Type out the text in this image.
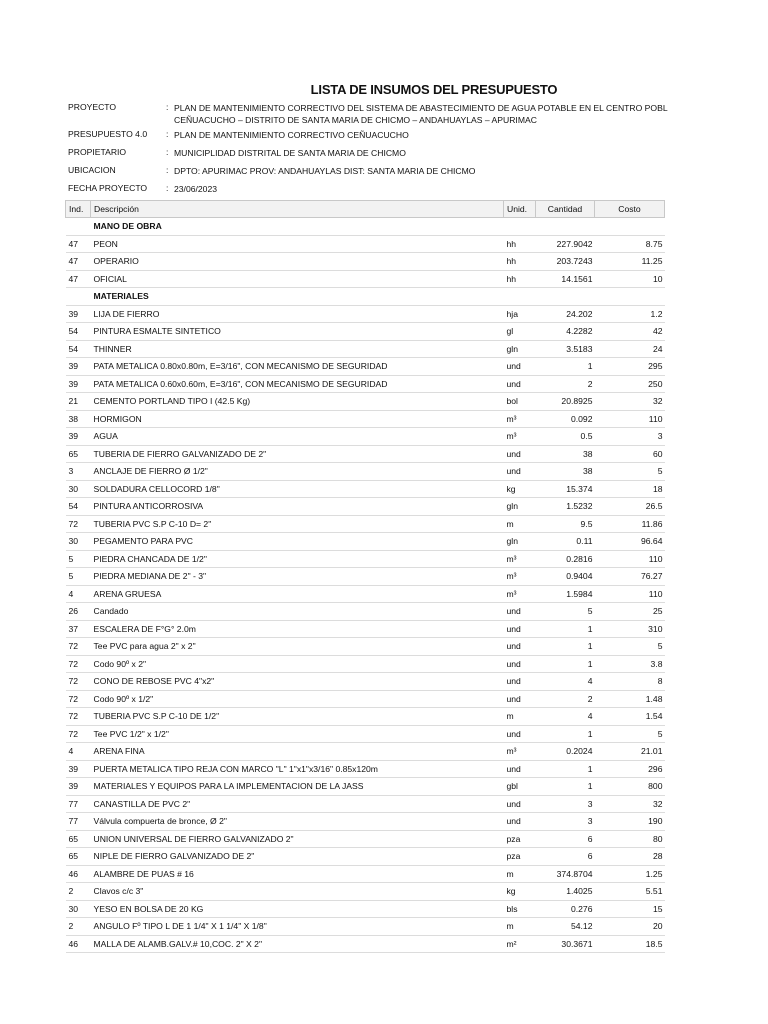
LISTA DE INSUMOS DEL PRESUPUESTO
PROYECTO	: PLAN DE MANTENIMIENTO CORRECTIVO DEL SISTEMA DE ABASTECIMIENTO DE AGUA POTABLE EN EL CENTRO POBL
CEÑUACUCHO – DISTRITO DE SANTA MARIA DE CHICMO – ANDAHUAYLAS – APURIMAC
PRESUPUESTO 4.0	: PLAN DE MANTENIMIENTO CORRECTIVO CEÑUACUCHO
PROPIETARIO	: MUNICIPLIDAD DISTRITAL DE SANTA MARIA DE CHICMO
UBICACION	: DPTO: APURIMAC PROV: ANDAHUAYLAS DIST: SANTA MARIA DE CHICMO
FECHA PROYECTO	: 23/06/2023
Ind.	Descripción	Unid.	Cantidad	Costo
	MANO DE OBRA			
47	PEON	hh	227.9042	8.75
47	OPERARIO	hh	203.7243	11.25
47	OFICIAL	hh	14.1561	10
	MATERIALES			
39	LIJA DE FIERRO	hja	24.202	1.2
54	PINTURA ESMALTE SINTETICO	gl	4.2282	42
54	THINNER	gln	3.5183	24
39	PATA METALICA 0.80x0.80m, E=3/16", CON MECANISMO DE SEGURIDAD	und	1	295
39	PATA METALICA 0.60x0.60m, E=3/16", CON MECANISMO DE SEGURIDAD	und	2	250
21	CEMENTO PORTLAND TIPO I (42.5 Kg)	bol	20.8925	32
38	HORMIGON	m³	0.092	110
39	AGUA	m³	0.5	3
65	TUBERIA DE FIERRO GALVANIZADO DE 2"	und	38	60
3	ANCLAJE DE FIERRO Ø 1/2"	und	38	5
30	SOLDADURA CELLOCORD 1/8"	kg	15.374	18
54	PINTURA ANTICORROSIVA	gln	1.5232	26.5
72	TUBERIA PVC S.P C-10 D= 2"	m	9.5	11.86
30	PEGAMENTO PARA PVC	gln	0.11	96.64
5	PIEDRA CHANCADA DE 1/2"	m³	0.2816	110
5	PIEDRA MEDIANA DE 2" - 3"	m³	0.9404	76.27
4	ARENA GRUESA	m³	1.5984	110
26	Candado	und	5	25
37	ESCALERA DE F°G° 2.0m	und	1	310
72	Tee PVC para agua 2" x 2"	und	1	5
72	Codo 90º x 2"	und	1	3.8
72	CONO DE REBOSE PVC 4"x2"	und	4	8
72	Codo 90º x 1/2"	und	2	1.48
72	TUBERIA PVC S.P C-10 DE 1/2"	m	4	1.54
72	Tee PVC 1/2" x 1/2"	und	1	5
4	ARENA FINA	m³	0.2024	21.01
39	PUERTA METALICA TIPO REJA CON MARCO "L" 1"x1"x3/16" 0.85x120m	und	1	296
39	MATERIALES Y EQUIPOS PARA LA IMPLEMENTACION DE LA JASS	gbl	1	800
77	CANASTILLA DE PVC 2"	und	3	32
77	Válvula compuerta de bronce, Ø 2"	und	3	190
65	UNION UNIVERSAL DE FIERRO GALVANIZADO 2"	pza	6	80
65	NIPLE DE FIERRO GALVANIZADO DE 2"	pza	6	28
46	ALAMBRE DE PUAS # 16	m	374.8704	1.25
2	Clavos c/c 3"	kg	1.4025	5.51
30	YESO EN BOLSA DE 20 KG	bls	0.276	15
2	ANGULO Fº TIPO L DE 1 1/4" X 1 1/4" X 1/8"	m	54.12	20
46	MALLA DE ALAMB.GALV.# 10,COC. 2" X 2"	m²	30.3671	18.5
